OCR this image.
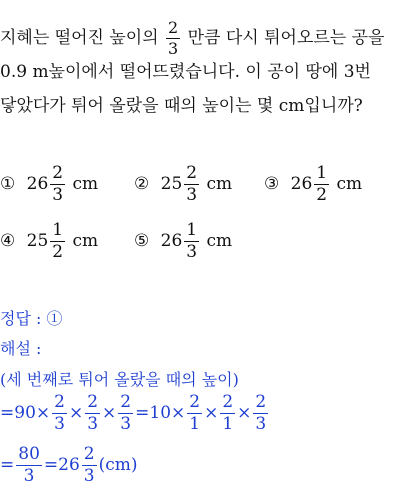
지혜는 떨어진 높이의 $\frac{2}{3}$ 만큼 다시 튀어오르는 공을
0.9 m높이에서 떨어뜨렸습니다. 이 공이 땅에 3번
닿았다가 튀어 올랐을 때의 높이는 몇 cm입니까?
① $26 \frac{2}{3}$ cm ② $25 \frac{2}{3}$ cm ③ $26 \frac{1}{2}$ cm
④ $25 \frac{1}{2}$ cm ⑤ $26 \frac{1}{3}$ cm
정답 : ①
해설 :
(세 번째로 튀어 올랐을 때의 높이)
$=90\times \frac{2}{3} \times \frac{2}{3} \times \frac{2}{3} =10\times \frac{2}{1} \times \frac{2}{1} \times \frac{2}{3}$
= $\frac{80}{3} =26 \frac{2}{3} (cm)$
